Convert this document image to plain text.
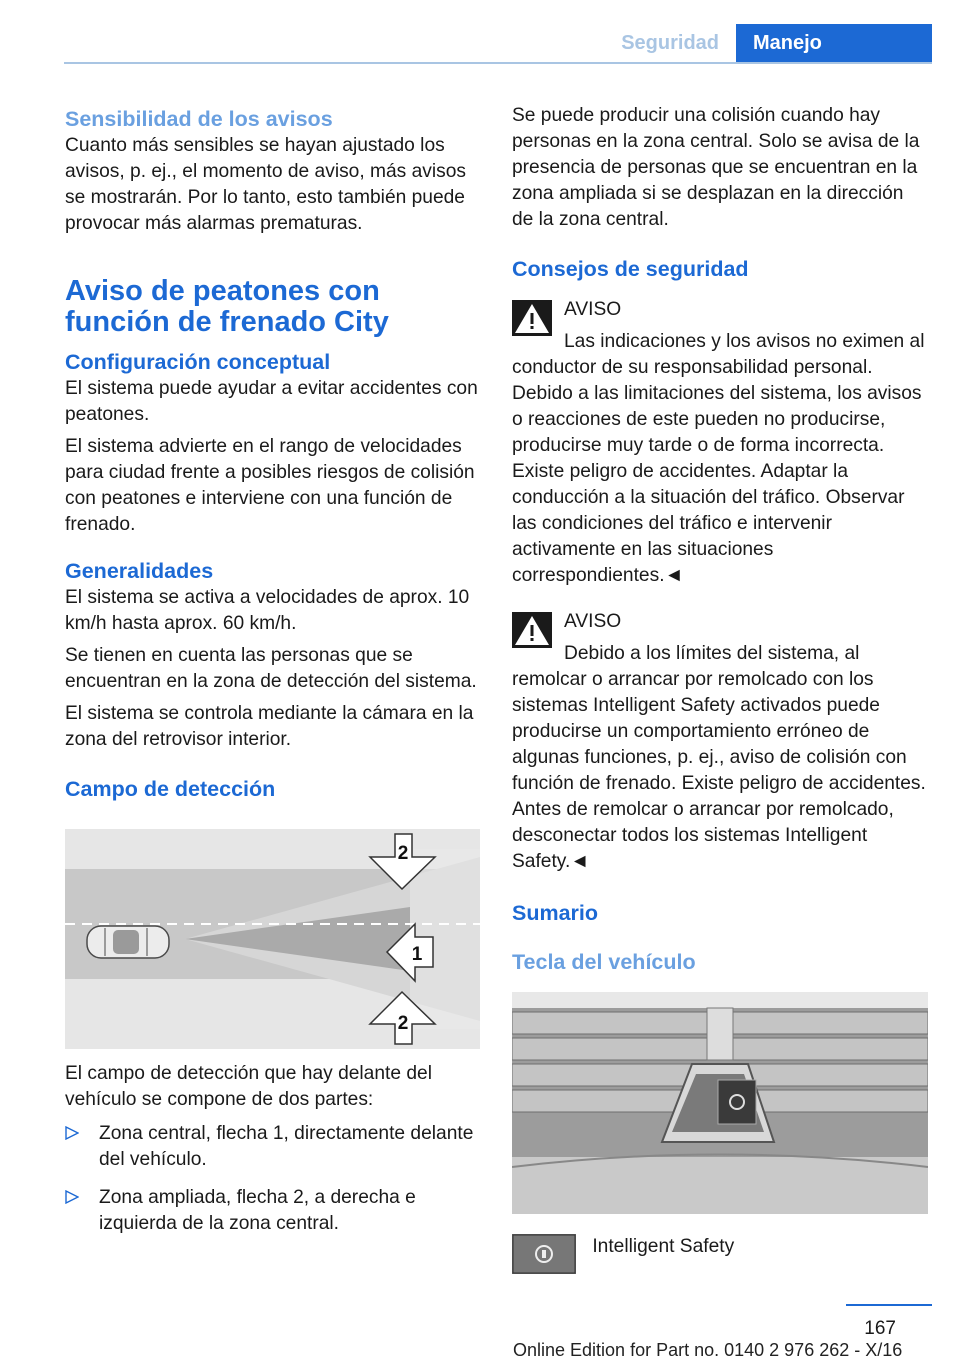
Seguridad	Manejo
Sensibilidad de los avisos

Cuanto más sensibles se hayan ajustado los avisos, p. ej., el momento de aviso, más avisos se mostrarán. Por lo tanto, esto también puede provocar más alarmas prematuras.

Aviso de peatones con función de frenado City
Configuración conceptual

El sistema puede ayudar a evitar accidentes con peatones.

El sistema advierte en el rango de velocidades para ciudad frente a posibles riesgos de colisión con peatones e interviene con una función de frenado.

Generalidades

El sistema se activa a velocidades de aprox. 10 km/h hasta aprox. 60 km/h.

Se tienen en cuenta las personas que se encuentran en la zona de detección del sistema.

El sistema se controla mediante la cámara en la zona del retrovisor interior.

Campo de detección
2
1
2

El campo de detección que hay delante del vehículo se compone de dos partes:

Zona central, flecha 1, directamente delante del vehículo.
Zona ampliada, flecha 2, a derecha e izquierda de la zona central.

Se puede producir una colisión cuando hay personas en la zona central. Solo se avisa de la presencia de personas que se encuentran en la zona ampliada si se desplazan en la dirección de la zona central.

Consejos de seguridad
AVISO

Las indicaciones y los avisos no eximen al conductor de su responsabilidad personal. Debido a las limitaciones del sistema, los avisos o reacciones de este pueden no producirse, producirse muy tarde o de forma incorrecta. Existe peligro de accidentes. Adaptar la conducción a la situación del tráfico. Observar las condiciones del tráfico e intervenir activamente en las situaciones correspondientes.◄

AVISO

Debido a los límites del sistema, al remolcar o arrancar por remolcado con los sistemas Intelligent Safety activados puede producirse un comportamiento erróneo de algunas funciones, p. ej., aviso de colisión con función de frenado. Existe peligro de accidentes. Antes de remolcar o arrancar por remolcado, desconectar todos los sistemas Intelligent Safety.◄

Sumario
Tecla del vehículo
Intelligent Safety
167
Online Edition for Part no. 0140 2 976 262 - X/16
